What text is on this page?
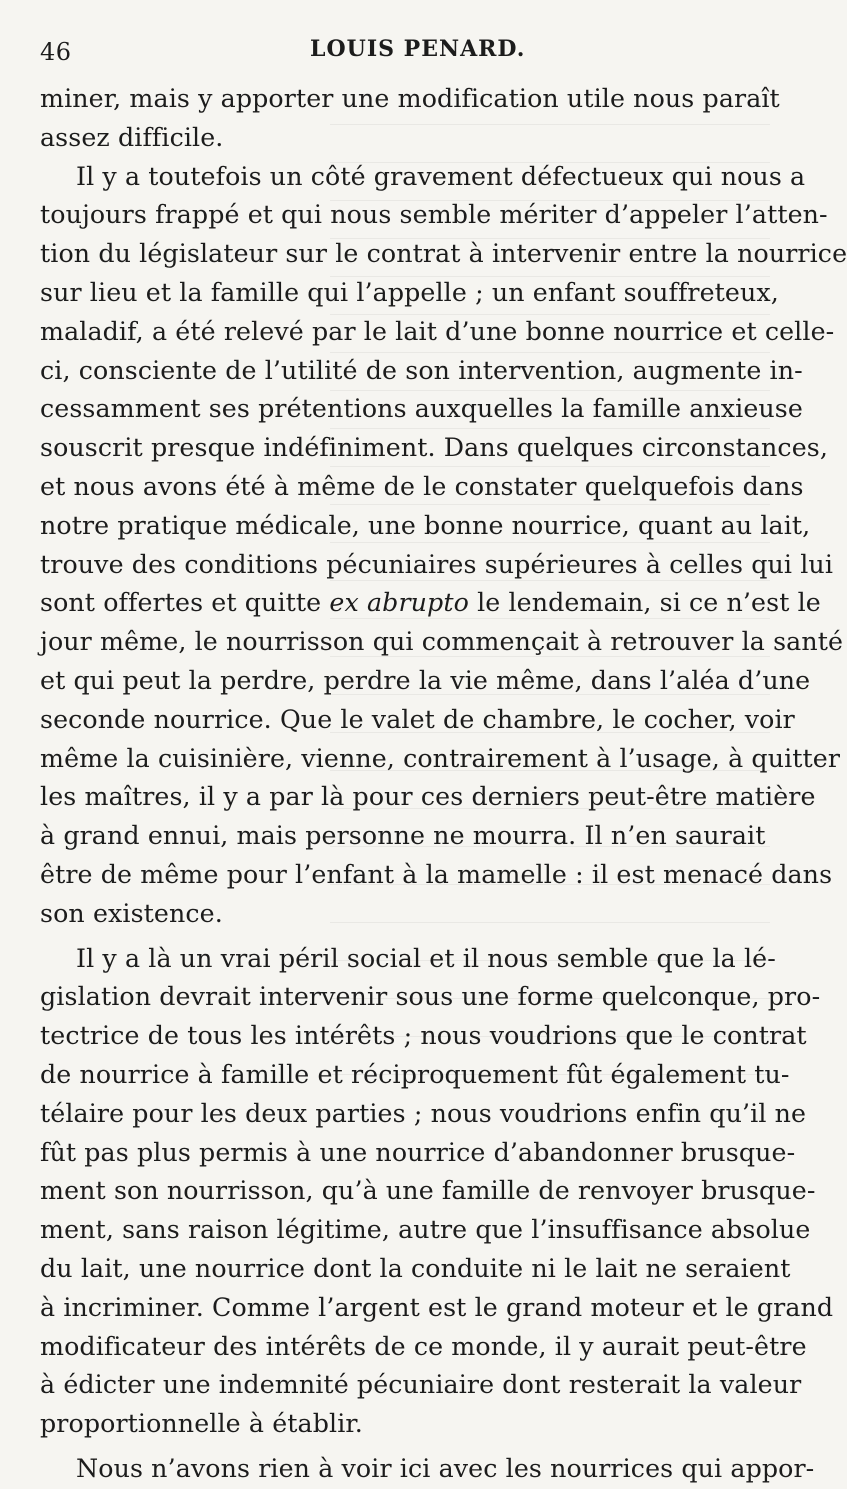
46	LOUIS PENARD.
miner, mais y apporter une modification utile nous paraît
assez difficile.
Il y a toutefois un côté gravement défectueux qui nous a
toujours frappé et qui nous semble mériter d’appeler l’atten-
tion du législateur sur le contrat à intervenir entre la nourrice
sur lieu et la famille qui l’appelle ; un enfant souffreteux,
maladif, a été relevé par le lait d’une bonne nourrice et celle-
ci, consciente de l’utilité de son intervention, augmente in-
cessamment ses prétentions auxquelles la famille anxieuse
souscrit presque indéfiniment. Dans quelques circonstances,
et nous avons été à même de le constater quelquefois dans
notre pratique médicale, une bonne nourrice, quant au lait,
trouve des conditions pécuniaires supérieures à celles qui lui
sont offertes et quitte ex abrupto le lendemain, si ce n’est le
jour même, le nourrisson qui commençait à retrouver la santé
et qui peut la perdre, perdre la vie même, dans l’aléa d’une
seconde nourrice. Que le valet de chambre, le cocher, voir
même la cuisinière, vienne, contrairement à l’usage, à quitter
les maîtres, il y a par là pour ces derniers peut-être matière
à grand ennui, mais personne ne mourra. Il n’en saurait
être de même pour l’enfant à la mamelle : il est menacé dans
son existence.
Il y a là un vrai péril social et il nous semble que la lé-
gislation devrait intervenir sous une forme quelconque, pro-
tectrice de tous les intérêts ; nous voudrions que le contrat
de nourrice à famille et réciproquement fût également tu-
télaire pour les deux parties ; nous voudrions enfin qu’il ne
fût pas plus permis à une nourrice d’abandonner brusque-
ment son nourrisson, qu’à une famille de renvoyer brusque-
ment, sans raison légitime, autre que l’insuffisance absolue
du lait, une nourrice dont la conduite ni le lait ne seraient
à incriminer. Comme l’argent est le grand moteur et le grand
modificateur des intérêts de ce monde, il y aurait peut-être
à édicter une indemnité pécuniaire dont resterait la valeur
proportionnelle à établir.
Nous n’avons rien à voir ici avec les nourrices qui appor-
